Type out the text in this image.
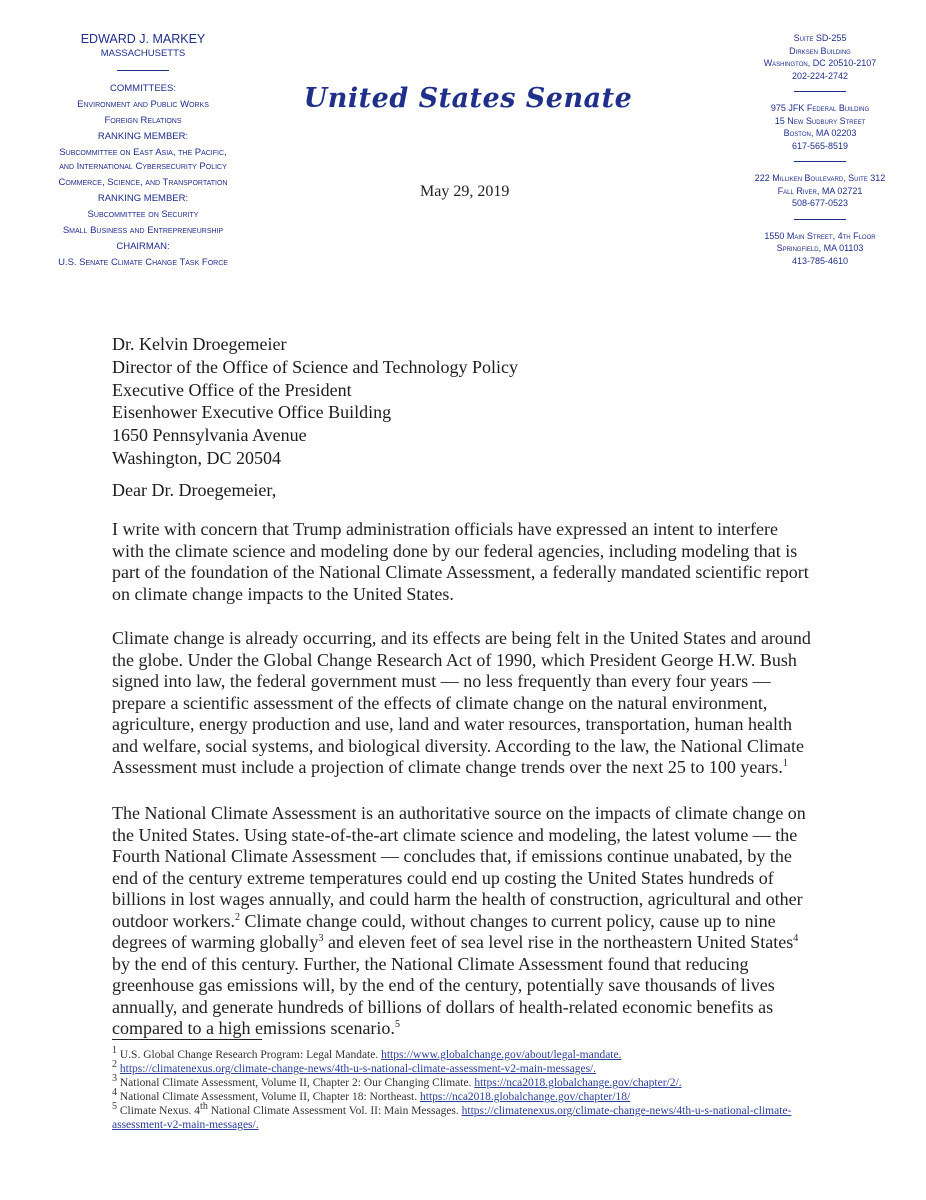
EDWARD J. MARKEY
MASSACHUSETTS
COMMITTEES:
Environment and Public Works
Foreign Relations
RANKING MEMBER:
Subcommittee on East Asia, the Pacific,
and International Cybersecurity Policy
Commerce, Science, and Transportation
RANKING MEMBER:
Subcommittee on Security
Small Business and Entrepreneurship
CHAIRMAN:
U.S. Senate Climate Change Task Force
United States Senate
May 29, 2019
Suite SD-255
Dirksen Building
Washington, DC 20510-2107
202-224-2742
975 JFK Federal Building
15 New Sudbury Street
Boston, MA 02203
617-565-8519
222 Milliken Boulevard, Suite 312
Fall River, MA 02721
508-677-0523
1550 Main Street, 4th Floor
Springfield, MA 01103
413-785-4610
Dr. Kelvin Droegemeier
Director of the Office of Science and Technology Policy
Executive Office of the President
Eisenhower Executive Office Building
1650 Pennsylvania Avenue
Washington, DC 20504
Dear Dr. Droegemeier,
I write with concern that Trump administration officials have expressed an intent to interfere with the climate science and modeling done by our federal agencies, including modeling that is part of the foundation of the National Climate Assessment, a federally mandated scientific report on climate change impacts to the United States.
Climate change is already occurring, and its effects are being felt in the United States and around the globe. Under the Global Change Research Act of 1990, which President George H.W. Bush signed into law, the federal government must — no less frequently than every four years — prepare a scientific assessment of the effects of climate change on the natural environment, agriculture, energy production and use, land and water resources, transportation, human health and welfare, social systems, and biological diversity. According to the law, the National Climate Assessment must include a projection of climate change trends over the next 25 to 100 years.$^1$
The National Climate Assessment is an authoritative source on the impacts of climate change on the United States. Using state-of-the-art climate science and modeling, the latest volume — the Fourth National Climate Assessment — concludes that, if emissions continue unabated, by the end of the century extreme temperatures could end up costing the United States hundreds of billions in lost wages annually, and could harm the health of construction, agricultural and other outdoor workers.$^2$ Climate change could, without changes to current policy, cause up to nine degrees of warming globally$^3$ and eleven feet of sea level rise in the northeastern United States$^4$ by the end of this century. Further, the National Climate Assessment found that reducing greenhouse gas emissions will, by the end of the century, potentially save thousands of lives annually, and generate hundreds of billions of dollars of health-related economic benefits as compared to a high emissions scenario.$^5$
$^1$ U.S. Global Change Research Program: Legal Mandate. https://www.globalchange.gov/about/legal-mandate.
$^2$ https://climatenexus.org/climate-change-news/4th-u-s-national-climate-assessment-v2-main-messages/.
$^3$ National Climate Assessment, Volume II, Chapter 2: Our Changing Climate. https://nca2018.globalchange.gov/chapter/2/.
$^4$ National Climate Assessment, Volume II, Chapter 18: Northeast. https://nca2018.globalchange.gov/chapter/18/
$^5$ Climate Nexus. 4th National Climate Assessment Vol. II: Main Messages. https://climatenexus.org/climate-change-news/4th-u-s-national-climate-assessment-v2-main-messages/.
